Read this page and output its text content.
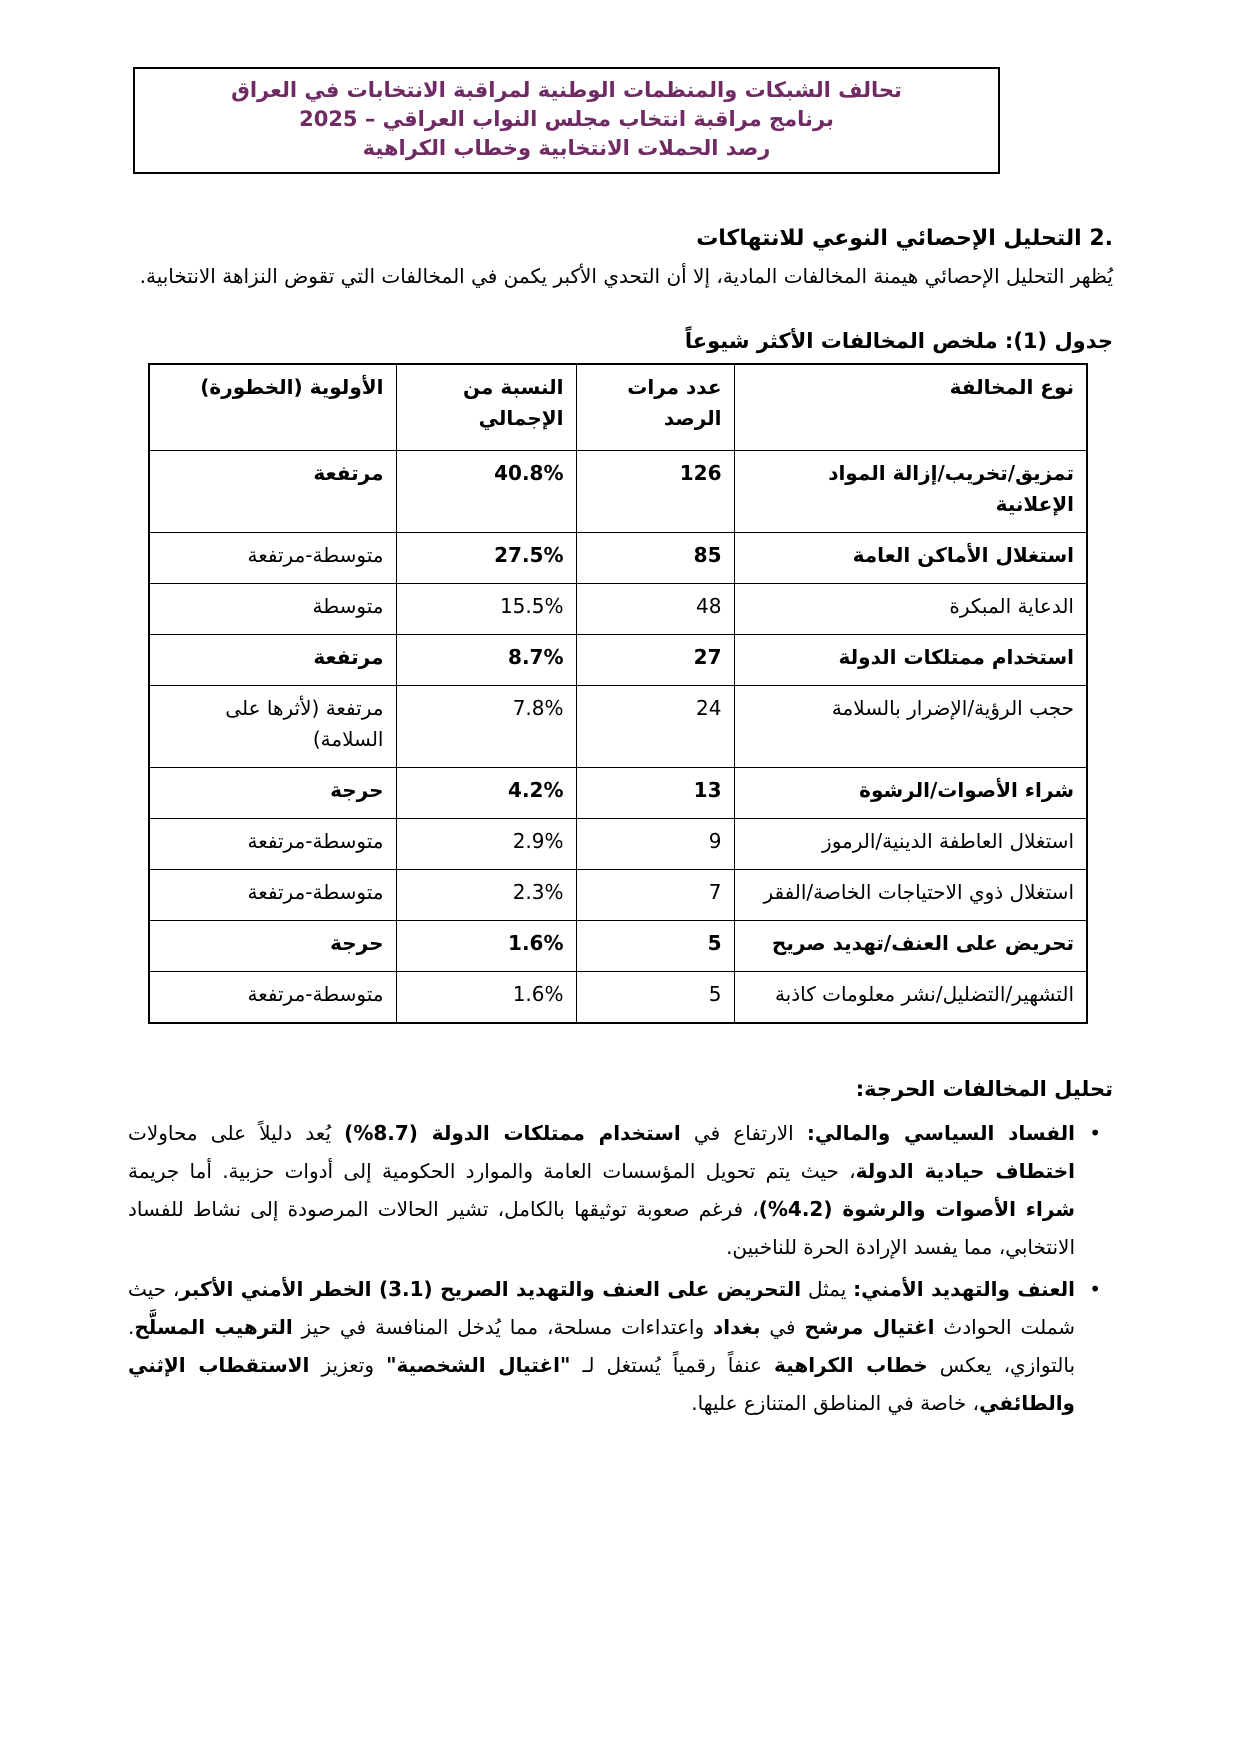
تحالف الشبكات والمنظمات الوطنية لمراقبة الانتخابات في العراق
برنامج مراقبة انتخاب مجلس النواب العراقي – 2025
رصد الحملات الانتخابية وخطاب الكراهية
2. التحليل الإحصائي النوعي للانتهاكات
يُظهر التحليل الإحصائي هيمنة المخالفات المادية، إلا أن التحدي الأكبر يكمن في المخالفات التي تقوض النزاهة الانتخابية.
جدول (1): ملخص المخالفات الأكثر شيوعاً
نوع المخالفة	عدد مرات الرصد	النسبة من الإجمالي	الأولوية (الخطورة)
تمزيق/تخريب/إزالة المواد الإعلانية	126	40.8%	مرتفعة
استغلال الأماكن العامة	85	27.5%	متوسطة-مرتفعة
الدعاية المبكرة	48	15.5%	متوسطة
استخدام ممتلكات الدولة	27	8.7%	مرتفعة
حجب الرؤية/الإضرار بالسلامة	24	7.8%	مرتفعة (لأثرها على السلامة)
شراء الأصوات/الرشوة	13	4.2%	حرجة
استغلال العاطفة الدينية/الرموز	9	2.9%	متوسطة-مرتفعة
استغلال ذوي الاحتياجات الخاصة/الفقر	7	2.3%	متوسطة-مرتفعة
تحريض على العنف/تهديد صريح	5	1.6%	حرجة
التشهير/التضليل/نشر معلومات كاذبة	5	1.6%	متوسطة-مرتفعة
تحليل المخالفات الحرجة:
•
الفساد السياسي والمالي: الارتفاع في استخدام ممتلكات الدولة (8.7%) يُعد دليلاً على محاولات اختطاف حيادية الدولة، حيث يتم تحويل المؤسسات العامة والموارد الحكومية إلى أدوات حزبية. أما جريمة شراء الأصوات والرشوة (4.2%)، فرغم صعوبة توثيقها بالكامل، تشير الحالات المرصودة إلى نشاط للفساد الانتخابي، مما يفسد الإرادة الحرة للناخبين.
•
العنف والتهديد الأمني: يمثل التحريض على العنف والتهديد الصريح (3.1) الخطر الأمني الأكبر، حيث شملت الحوادث اغتيال مرشح في بغداد واعتداءات مسلحة، مما يُدخل المنافسة في حيز الترهيب المسلَّح. بالتوازي، يعكس خطاب الكراهية عنفاً رقمياً يُستغل لـ "اغتيال الشخصية" وتعزيز الاستقطاب الإثني والطائفي، خاصة في المناطق المتنازع عليها.
